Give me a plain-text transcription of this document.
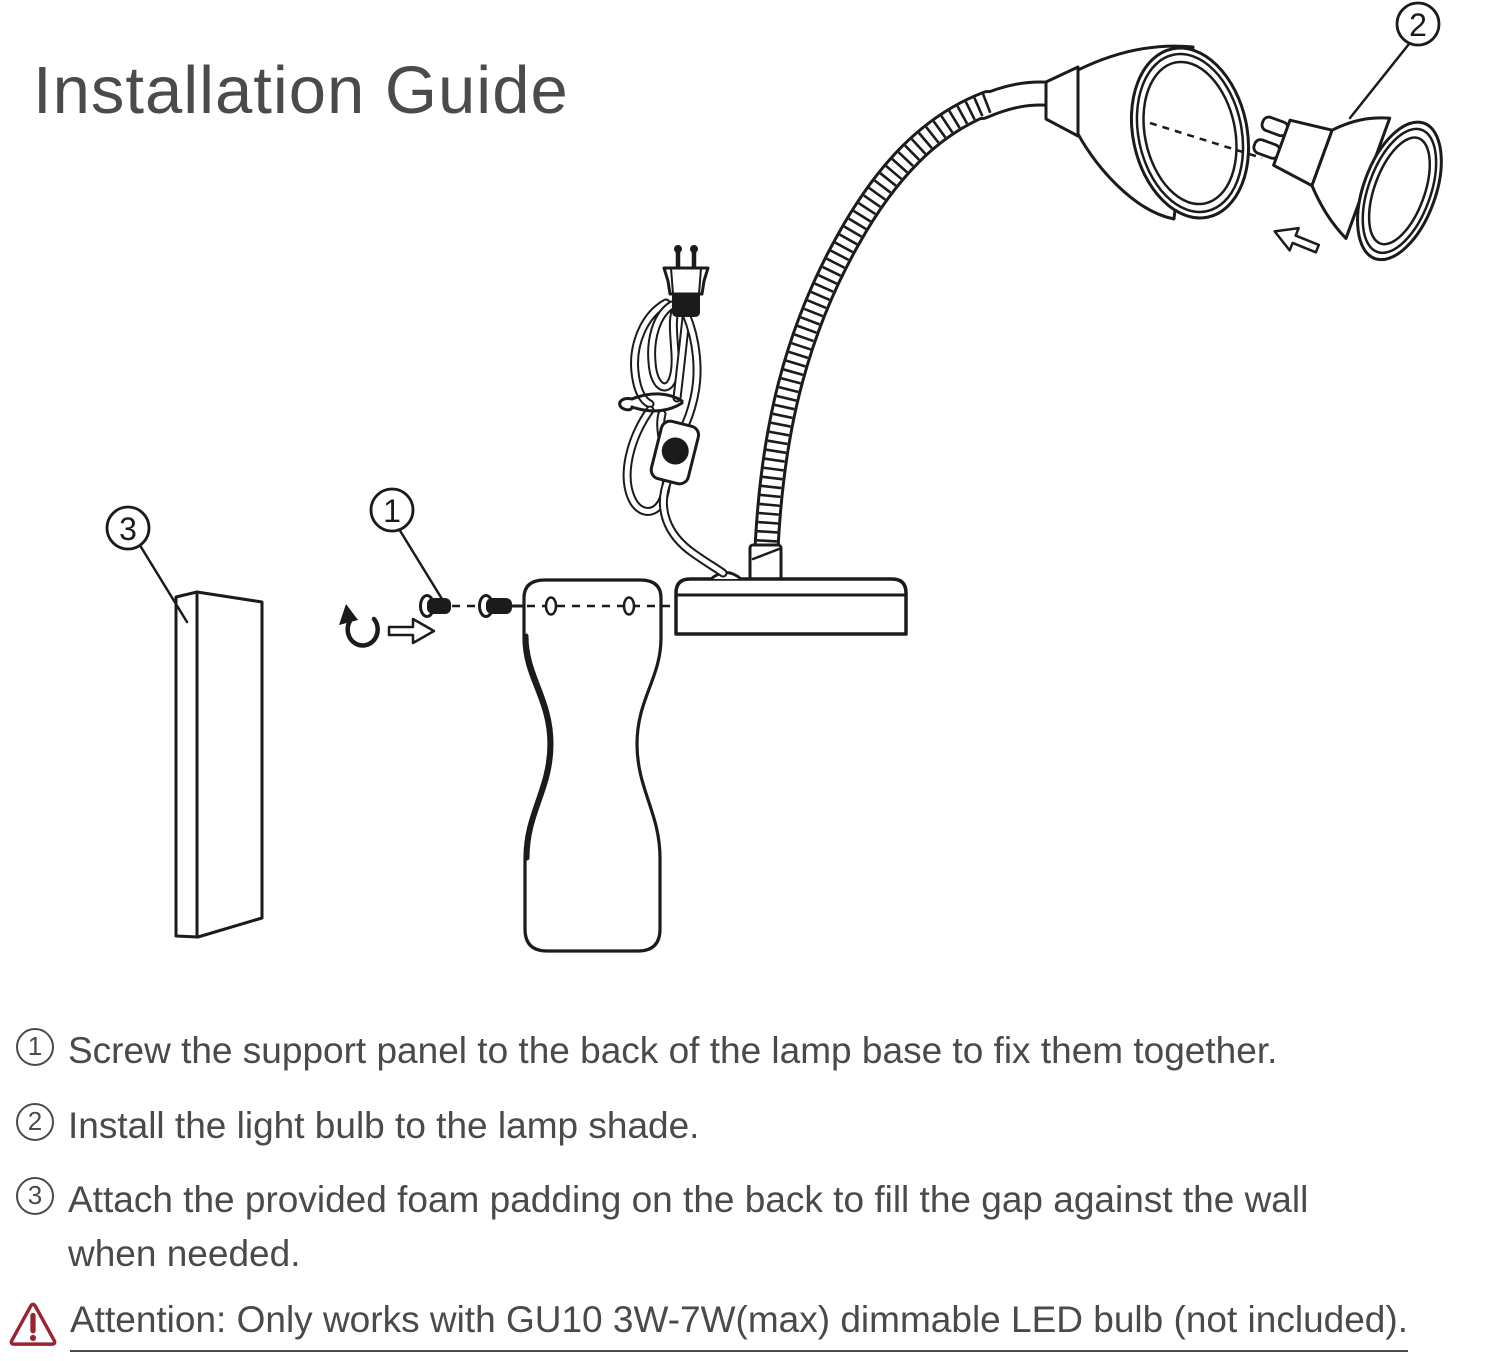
Installation Guide
1
2
3
1 Screw the support panel to the back of the lamp base to fix them together.
2 Install the light bulb to the lamp shade.
3 Attach the provided foam padding on the back to fill the gap against the wall when needed.
Attention: Only works with GU10 3W-7W(max) dimmable LED bulb (not included).
